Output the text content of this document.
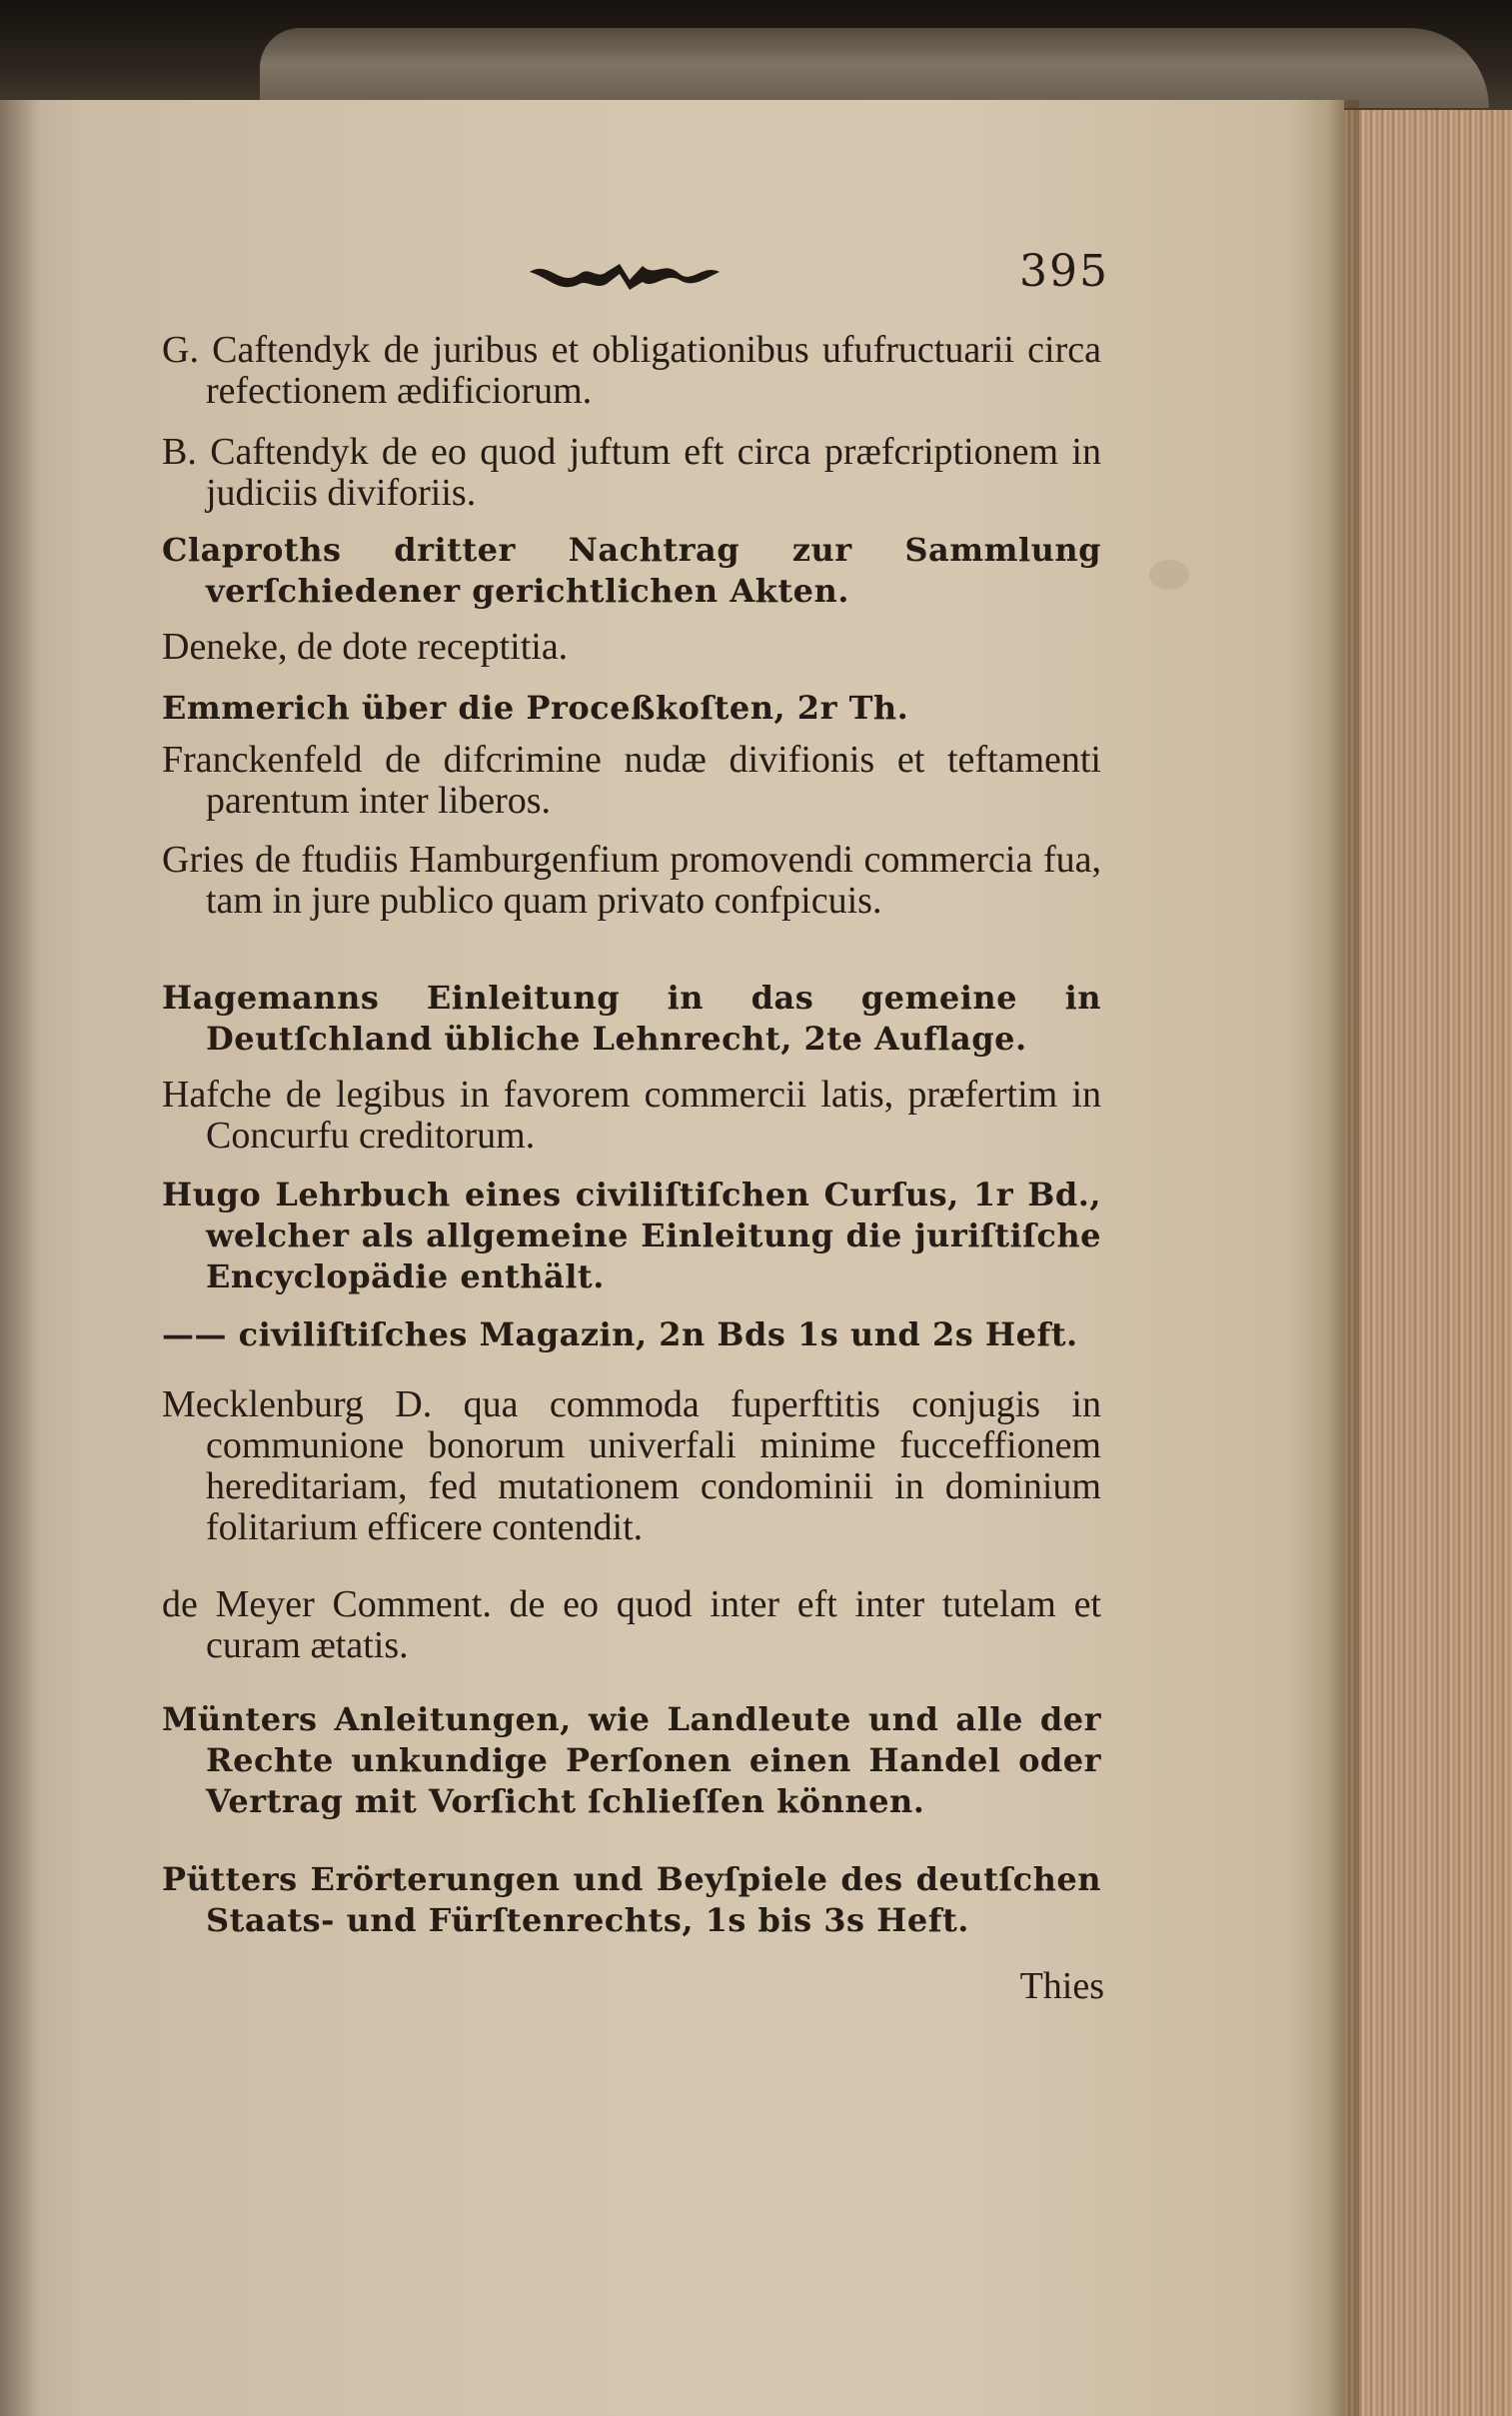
395
G. Caftendyk de juribus et obligationibus ufufructuarii circa refectionem ædificiorum.
B. Caftendyk de eo quod juftum eft circa præfcriptionem in judiciis divіforiis.
Claproths dritter Nachtrag zur Sammlung verſchiedener gerichtlichen Akten.
Deneke, de dote receptitia.
Emmerich über die Proceßkoſten, 2r Th.
Franckenfeld de difcrimine nudæ divifionis et teftamenti parentum inter liberos.
Gries de ftudiis Hamburgenfium promovendi commercia fua, tam in jure publico quam privato confpicuis.
Hagemanns Einleitung in das gemeine in Deutſchland übliche Lehnrecht, 2te Auflage.
Hafche de legibus in favorem commercii latis, præfertim in Concurfu creditorum.
Hugo Lehrbuch eines civiliſtiſchen Curſus, 1r Bd., welcher als allgemeine Einleitung die juriſtiſche Encyclopädie enthält.
—— civiliſtiſches Magazin, 2n Bds 1s und 2s Heft.
Mecklenburg D. qua commoda fuperftitis conjugis in communione bonorum univerfali minime fucceffionem hereditariam, fed mutationem condominii in dominium folitarium efficere contendit.
de Meyer Comment. de eo quod inter eft inter tutelam et curam ætatis.
Münters Anleitungen, wie Landleute und alle der Rechte unkundige Perſonen einen Handel oder Vertrag mit Vorſicht ſchlieſſen können.
Pütters Erörterungen und Beyſpiele des deutſchen Staats- und Fürſtenrechts, 1s bis 3s Heft.
Thies
